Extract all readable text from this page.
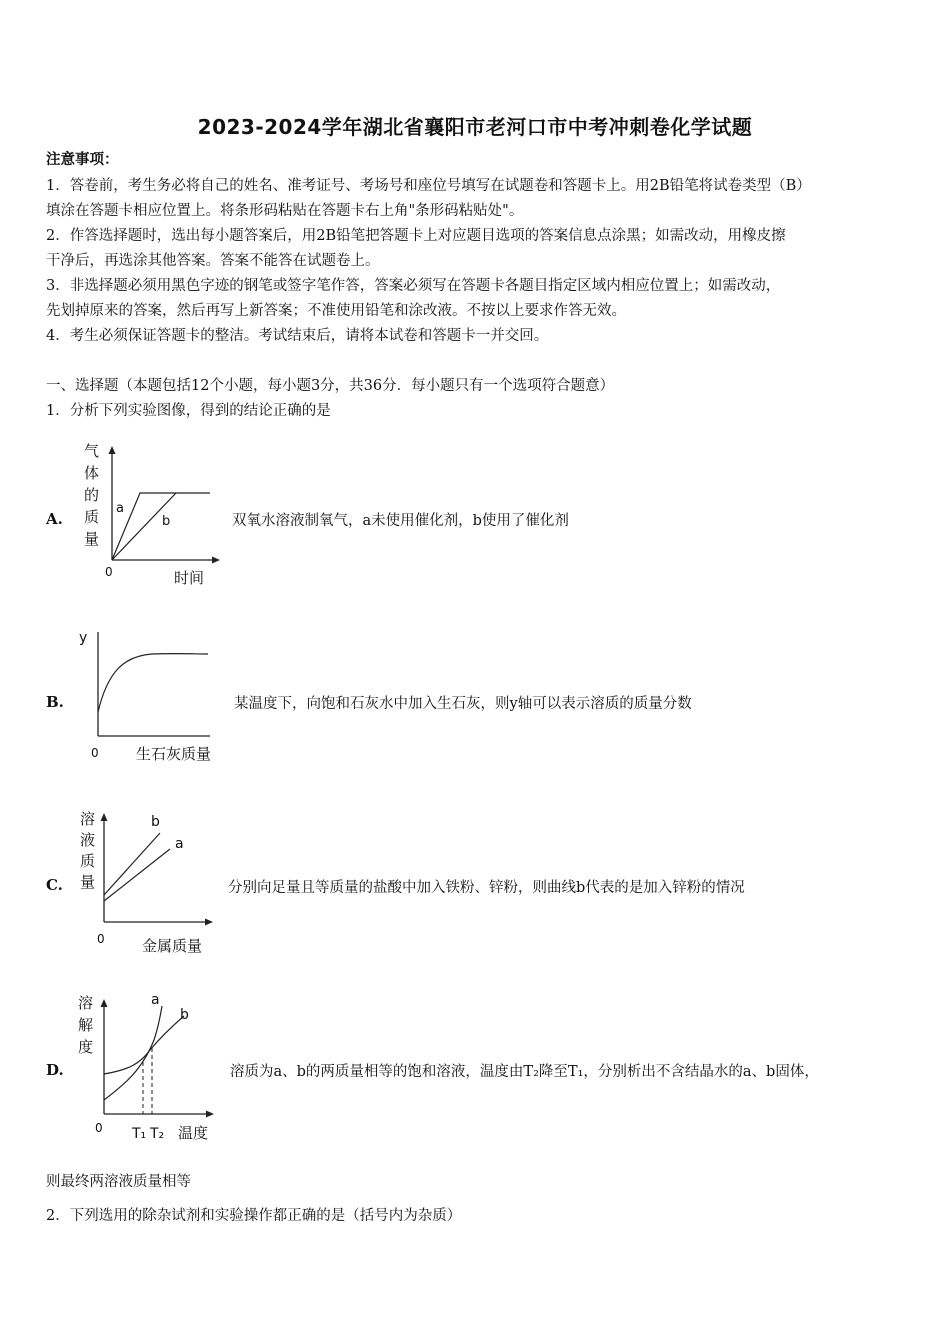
2023-2024学年湖北省襄阳市老河口市中考冲刺卷化学试题
注意事项：
1．答卷前，考生务必将自己的姓名、准考证号、考场号和座位号填写在试题卷和答题卡上。用2B铅笔将试卷类型（B）
填涂在答题卡相应位置上。将条形码粘贴在答题卡右上角"条形码粘贴处"。
2．作答选择题时，选出每小题答案后，用2B铅笔把答题卡上对应题目选项的答案信息点涂黑；如需改动，用橡皮擦
干净后，再选涂其他答案。答案不能答在试题卷上。
3．非选择题必须用黑色字迹的钢笔或签字笔作答，答案必须写在答题卡各题目指定区域内相应位置上；如需改动，
先划掉原来的答案，然后再写上新答案；不准使用铅笔和涂改液。不按以上要求作答无效。
4．考生必须保证答题卡的整洁。考试结束后，请将本试卷和答题卡一并交回。
一、选择题（本题包括12个小题，每小题3分，共36分．每小题只有一个选项符合题意）
1．分析下列实验图像，得到的结论正确的是
A.
气
体
的
质
量
a
b
0	时间
双氧水溶液制氧气，a未使用催化剂，b使用了催化剂
B.
y
0 生石灰质量
某温度下，向饱和石灰水中加入生石灰，则y轴可以表示溶质的质量分数
C.
溶
液
质
量
b
a
0 金属质量
分别向足量且等质量的盐酸中加入铁粉、锌粉，则曲线b代表的是加入锌粉的情况
D.
溶
解
度
a
b
0 T₁ T₂ 温度
溶质为a、b的两质量相等的饱和溶液，温度由T₂降至T₁，分别析出不含结晶水的a、b固体，
则最终两溶液质量相等
2．下列选用的除杂试剂和实验操作都正确的是（括号内为杂质）
